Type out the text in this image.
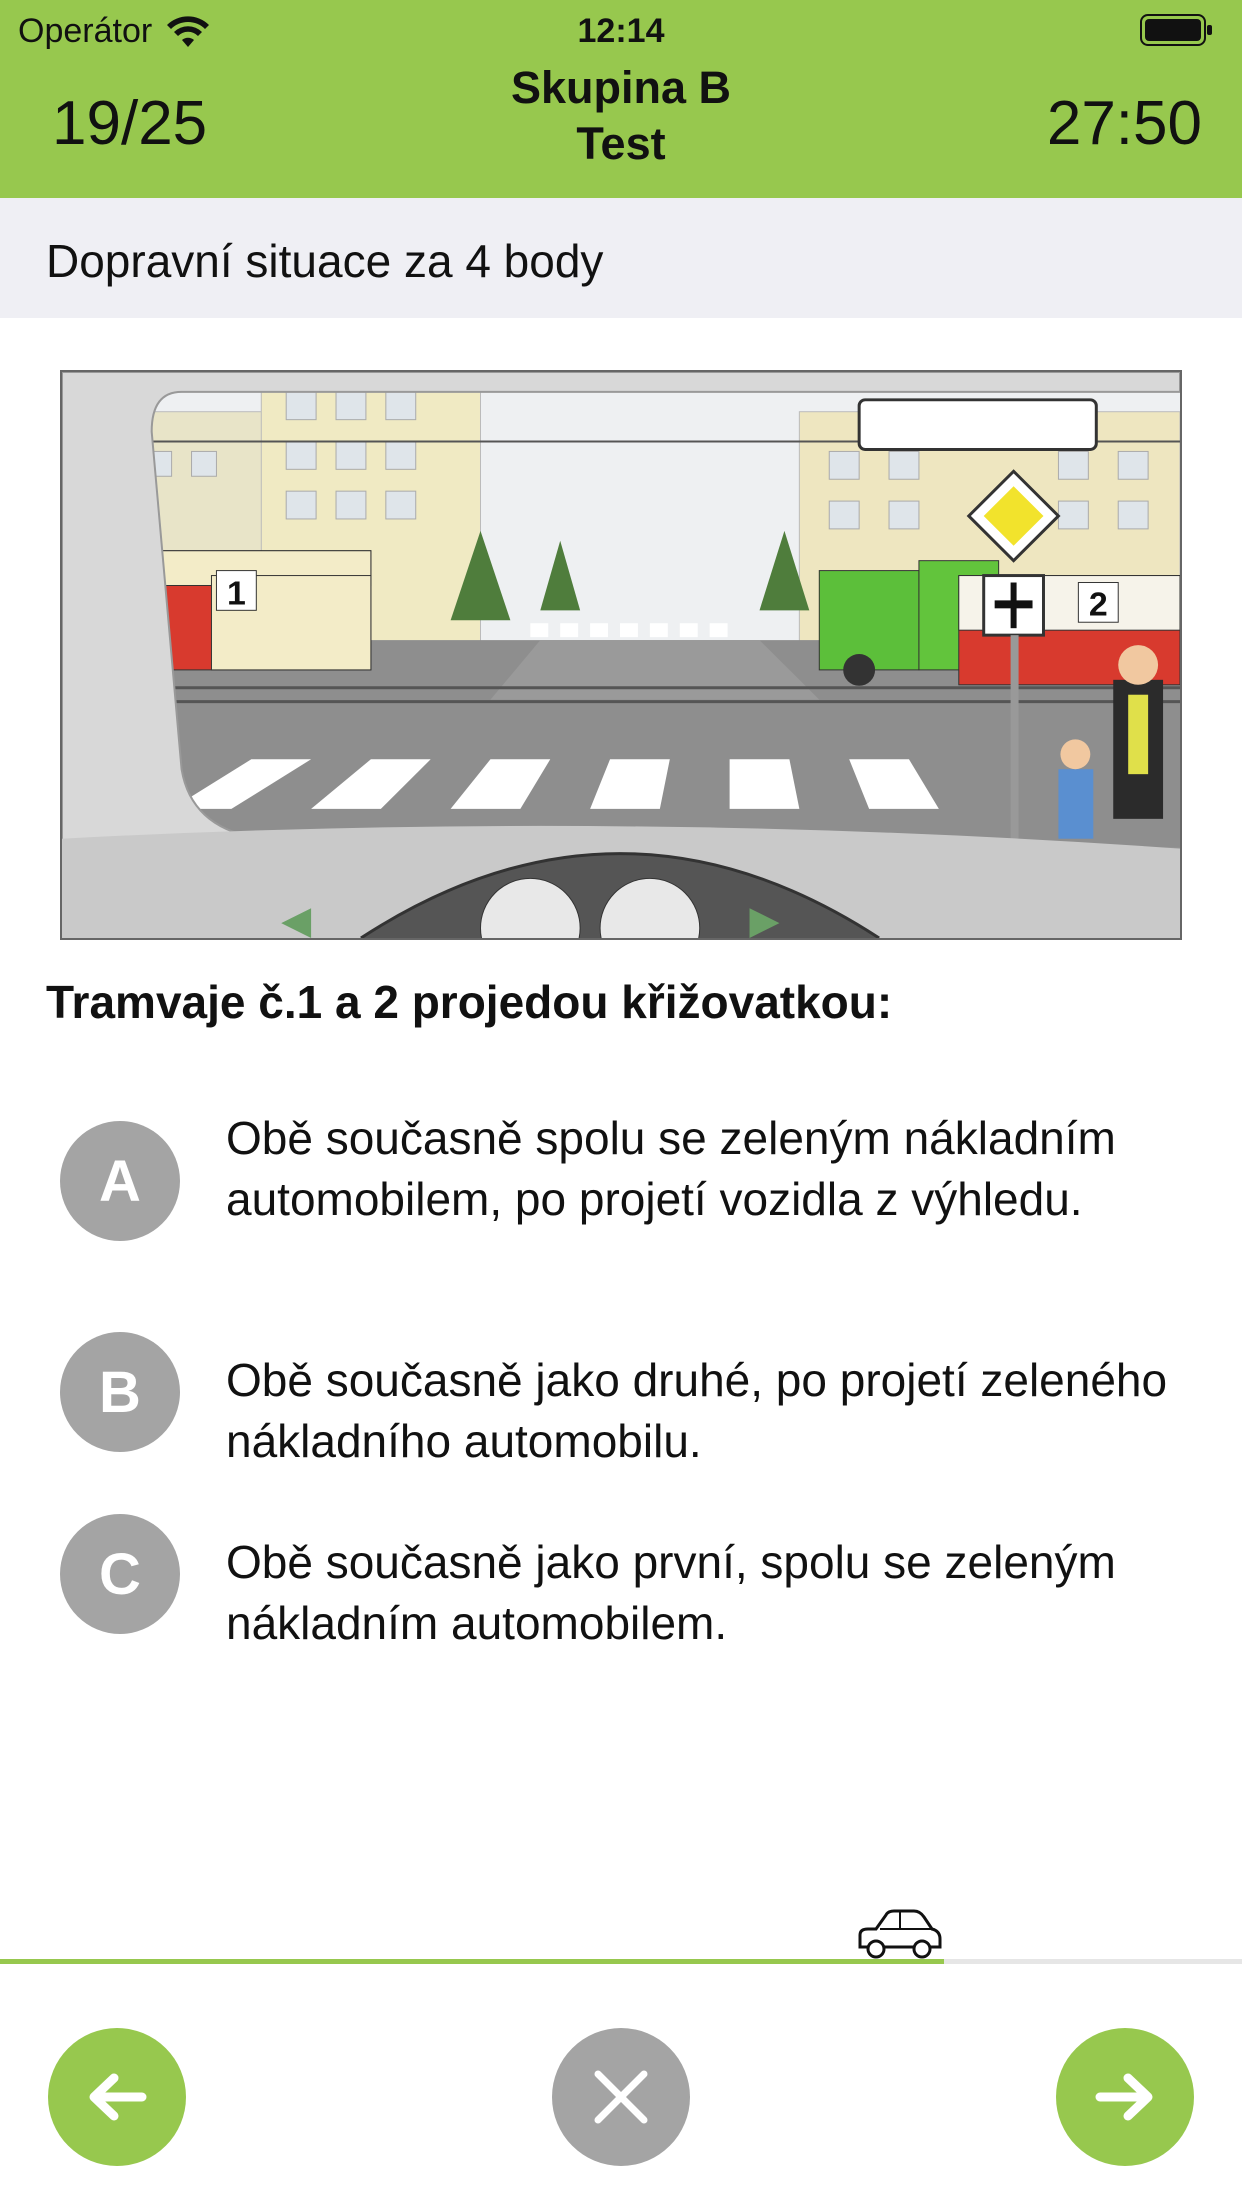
Operátor	12:14
19/25
Skupina B
Test	27:50
Dopravní situace za 4 body
1	2
Tramvaje č.1 a 2 projedou křižovatkou:
A
Obě současně spolu se zeleným nákladním automobilem, po projetí vozidla z výhledu.
B	Obě současně jako druhé, po projetí zeleného nákladního automobilu.
C	Obě současně jako první, spolu se zeleným nákladním automobilem.
